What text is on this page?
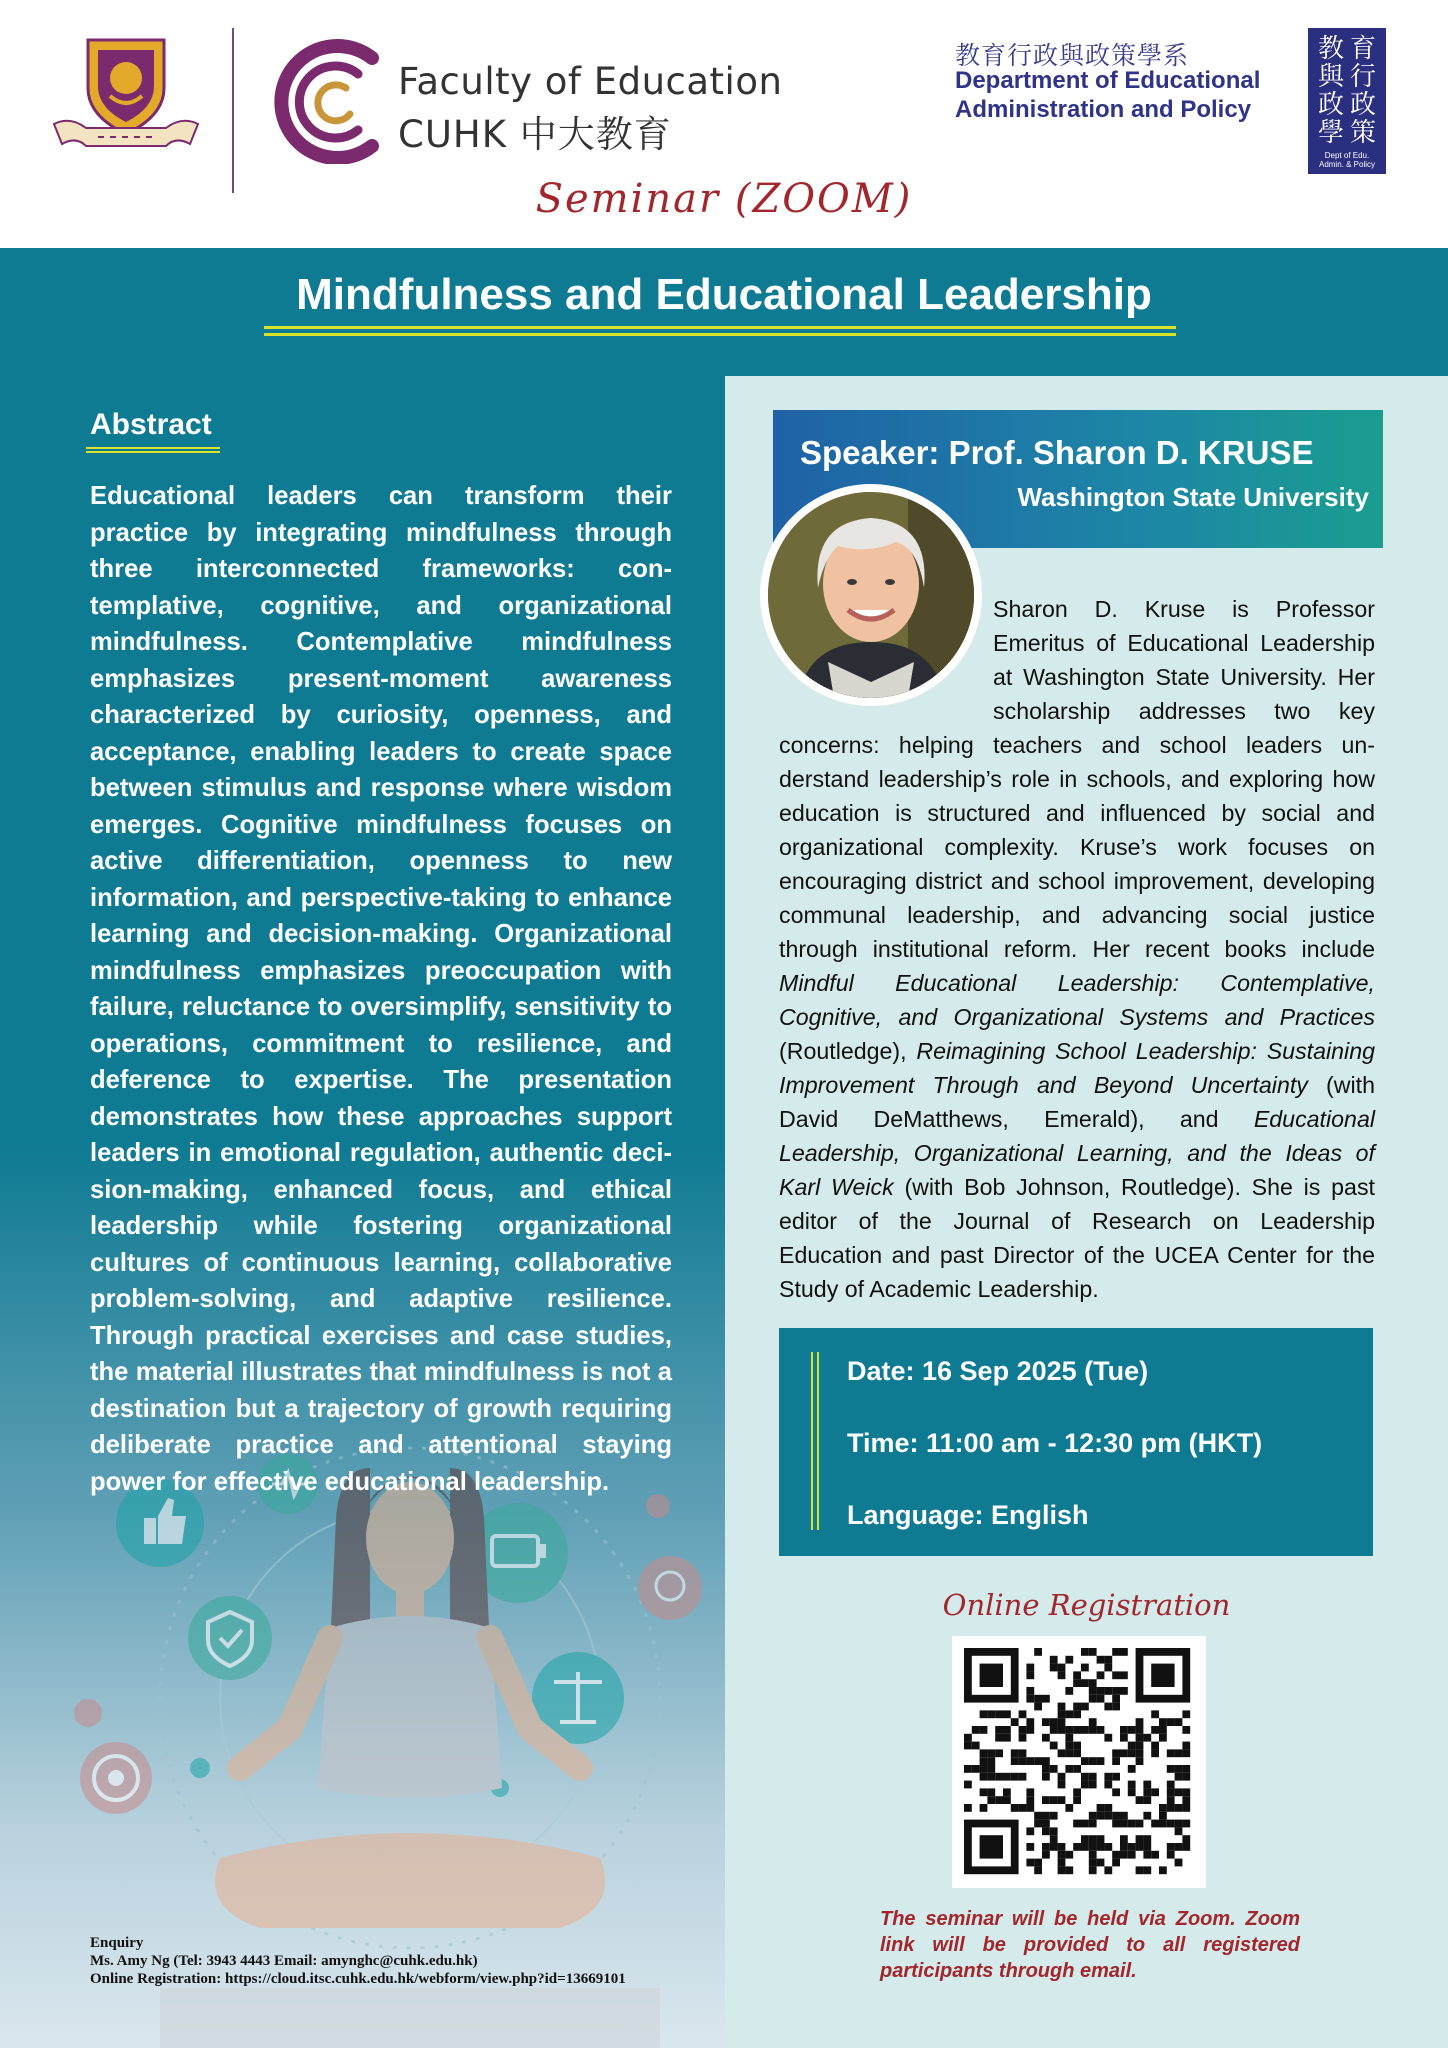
Faculty of Education
CUHK 中大教育
教育行政與政策學系
Department of Educational
Administration and Policy
教 育
與 行
政 政
學 策
Dept of Edu.
Admin. & Policy
Seminar (ZOOM)
Mindfulness and Educational Leadership
Abstract
Educational leaders can transform their practice by integrating mindfulness through three interconnected frameworks: contemplative, cognitive, and organizational mindfulness. Contemplative mindfulness emphasizes present-moment awareness characterized by curiosity, openness, and acceptance, enabling leaders to create space between stimulus and response where wisdom emerges. Cognitive mindfulness focuses on active differentiation, openness to new information, and perspective-taking to enhance learning and decision-making. Organizational mindfulness emphasizes preoccupation with failure, reluctance to oversimplify, sensitivity to operations, commitment to resilience, and deference to expertise. The presentation demonstrates how these approaches support leaders in emotional regulation, authentic decision-making, enhanced focus, and ethical leadership while fostering organizational cultures of continuous learning, collaborative problem-solving, and adaptive resilience. Through practical exercises and case studies, the material illustrates that mindfulness is not a destination but a trajectory of growth requiring deliberate practice and attentional staying power for effective educational leadership.
Enquiry
Ms. Amy Ng (Tel: 3943 4443 Email: amynghc@cuhk.edu.hk)
Online Registration: https://cloud.itsc.cuhk.edu.hk/webform/view.php?id=13669101
Speaker: Prof. Sharon D. KRUSE
Washington State University
Sharon D. Kruse is Professor Emeritus of Educational Leadership at Washington State University. Her scholarship addresses two key concerns: helping teachers and school leaders understand leadership’s role in schools, and exploring how education is structured and influenced by social and organizational complexity. Kruse’s work focuses on encouraging district and school improvement, developing communal leadership, and advancing social justice through institutional reform. Her recent books include Mindful Educational Leadership: Contemplative, Cognitive, and Organizational Systems and Practices (Routledge), Reimagining School Leadership: Sustaining Improvement Through and Beyond Uncertainty (with David DeMatthews, Emerald), and Educational Leadership, Organizational Learning, and the Ideas of Karl Weick (with Bob Johnson, Routledge). She is past editor of the Journal of Research on Leadership Education and past Director of the UCEA Center for the Study of Academic Leadership.
Date: 16 Sep 2025 (Tue)
Time: 11:00 am - 12:30 pm (HKT)
Language: English
Online Registration
The seminar will be held via Zoom. Zoom link will be provided to all registered participants through email.
